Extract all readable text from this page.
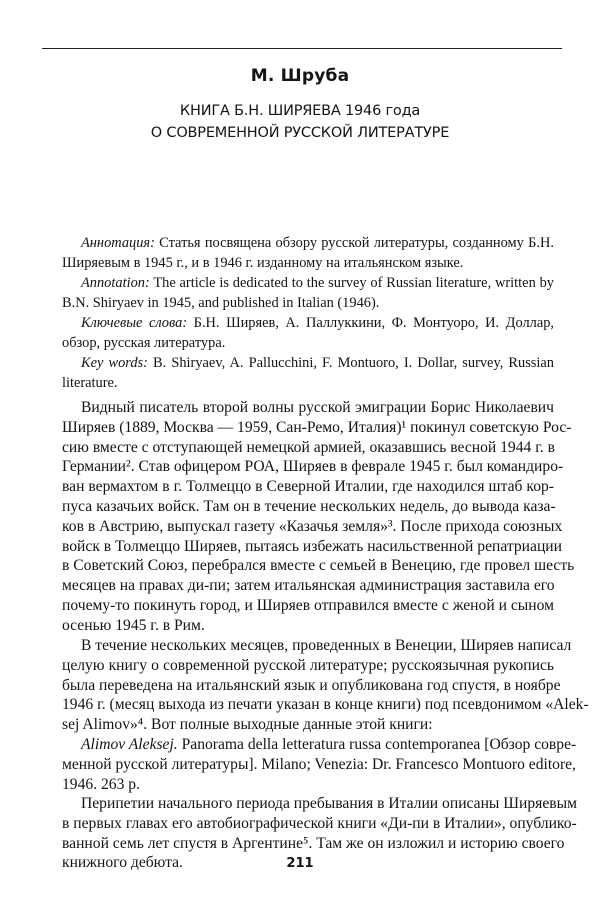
М. Шруба
КНИГА Б.Н. ШИРЯЕВА 1946 года
О СОВРЕМЕННОЙ РУССКОЙ ЛИТЕРАТУРЕ
Аннотация: Статья посвящена обзору русской литературы, созданному Б.Н. Ширяевым в 1945 г., и в 1946 г. изданному на итальянском языке.
Annotation: The article is dedicated to the survey of Russian literature, written by B.N. Shiryaev in 1945, and published in Italian (1946).
Ключевые слова: Б.Н. Ширяев, А. Паллуккини, Ф. Монтуоро, И. Доллар, обзор, русская литература.
Key words: B. Shiryaev, A. Pallucchini, F. Montuoro, I. Dollar, survey, Russian literature.
Видный писатель второй волны русской эмиграции Борис Николаевич
Ширяев (1889, Москва — 1959, Сан-Ремо, Италия)¹ покинул советскую Рос-
сию вместе с отступающей немецкой армией, оказавшись весной 1944 г. в
Германии². Став офицером РОА, Ширяев в феврале 1945 г. был командиро-
ван вермахтом в г. Толмеццо в Северной Италии, где находился штаб кор-
пуса казачьих войск. Там он в течение нескольких недель, до вывода каза-
ков в Австрию, выпускал газету «Казачья земля»³. После прихода союзных
войск в Толмеццо Ширяев, пытаясь избежать насильственной репатриации
в Советский Союз, перебрался вместе с семьей в Венецию, где провел шесть
месяцев на правах ди-пи; затем итальянская администрация заставила его
почему-то покинуть город, и Ширяев отправился вместе с женой и сыном
осенью 1945 г. в Рим.
В течение нескольких месяцев, проведенных в Венеции, Ширяев написал
целую книгу о современной русской литературе; русскоязычная рукопись
была переведена на итальянский язык и опубликована год спустя, в ноябре
1946 г. (месяц выхода из печати указан в конце книги) под псевдонимом «Alek-
sej Alimov»⁴. Вот полные выходные данные этой книги:
Alimov Aleksej. Panorama della letteratura russa contemporanea [Обзор совре-
менной русской литературы]. Milano; Venezia: Dr. Francesco Montuoro editore,
1946. 263 p.
Перипетии начального периода пребывания в Италии описаны Ширяевым
в первых главах его автобиографической книги «Ди-пи в Италии», опублико-
ванной семь лет спустя в Аргентине⁵. Там же он изложил и историю своего
книжного дебюта.	211
